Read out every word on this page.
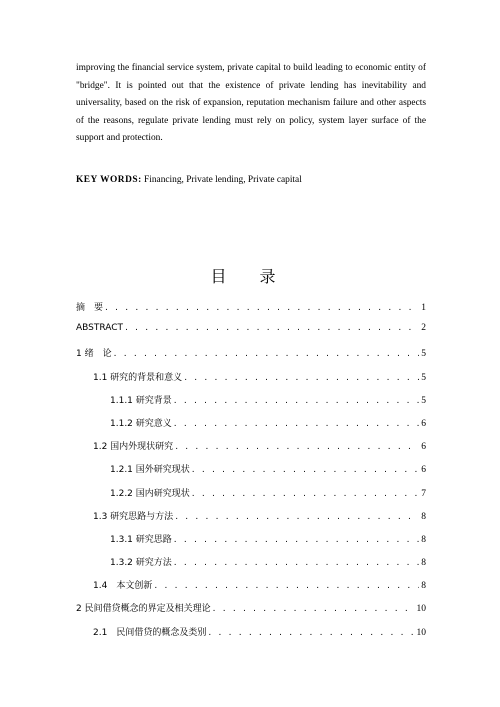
improving the financial service system, private capital to build leading to economic entity of "bridge". It is pointed out that the existence of private lending has inevitability and universality, based on the risk of expansion, reputation mechanism failure and other aspects of the reasons, regulate private lending must rely on policy, system layer surface of the support and protection.
KEY WORDS: Financing, Private lending, Private capital
目 录
摘　要 . . .	1
ABSTRACT . . .	2
1 绪　论 . . .	5
1.1 研究的背景和意义 . . .	5
1.1.1 研究背景 . . .	5
1.1.2 研究意义 . . .	6
1.2 国内外现状研究 . . .	6
1.2.1 国外研究现状 . . .	6
1.2.2 国内研究现状 . . .	7
1.3 研究思路与方法 . . .	8
1.3.1 研究思路 . . .	8
1.3.2 研究方法 . . .	8
1.4　本文创新 . . .	8
2 民间借贷概念的界定及相关理论 . . .	10
2.1　民间借贷的概念及类别 . . .	10
